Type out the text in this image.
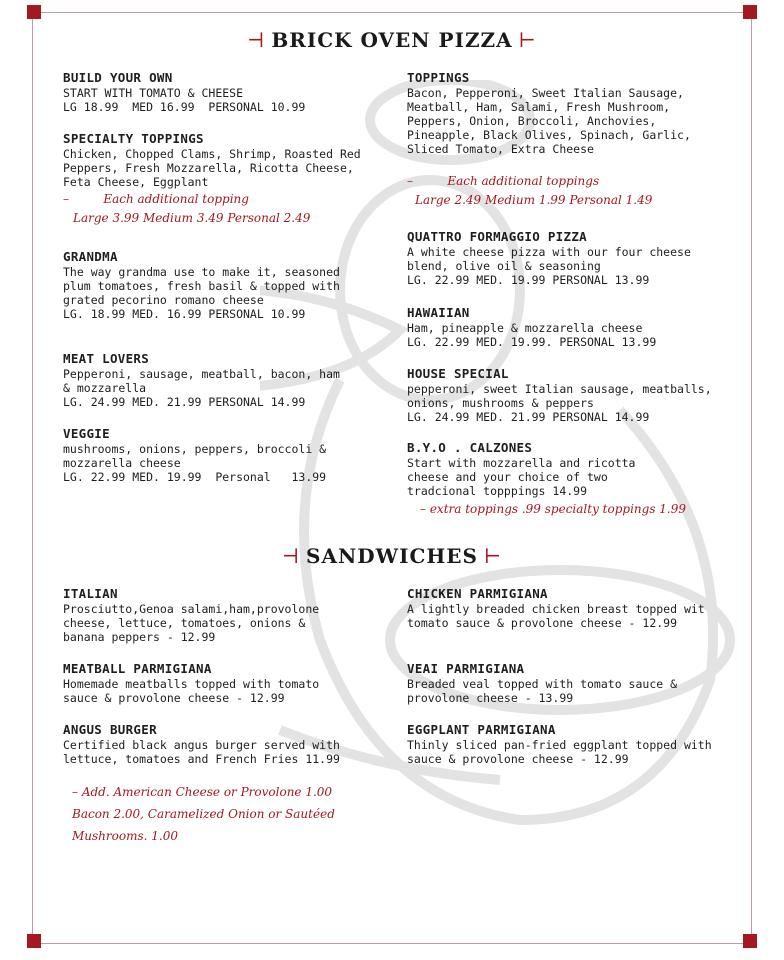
⊣ BRICK OVEN PIZZA ⊢
BUILD YOUR OWN
START WITH TOMATO & CHEESE
LG 18.99  MED 16.99  PERSONAL 10.99
SPECIALTY TOPPINGS
Chicken, Chopped Clams, Shrimp, Roasted Red Peppers, Fresh Mozzarella, Ricotta Cheese, Feta Cheese, Eggplant
–         Each additional topping
Large 3.99 Medium 3.49 Personal 2.49
GRANDMA
The way grandma use to make it, seasoned plum tomatoes, fresh basil & topped with grated pecorino romano cheese
LG. 18.99 MED. 16.99 PERSONAL 10.99
MEAT LOVERS
Pepperoni, sausage, meatball, bacon, ham & mozzarella
LG. 24.99 MED. 21.99 PERSONAL 14.99
VEGGIE
mushrooms, onions, peppers, broccoli & mozzarella cheese
LG. 22.99 MED. 19.99  Personal   13.99
TOPPINGS
Bacon, Pepperoni, Sweet Italian Sausage, Meatball, Ham, Salami, Fresh Mushroom, Peppers, Onion, Broccoli, Anchovies, Pineapple, Black Olives, Spinach, Garlic, Sliced Tomato, Extra Cheese
–         Each additional toppings
Large 2.49 Medium 1.99 Personal 1.49
QUATTRO FORMAGGIO PIZZA
A white cheese pizza with our four cheese blend, olive oil & seasoning
LG. 22.99 MED. 19.99 PERSONAL 13.99
HAWAIIAN
Ham, pineapple & mozzarella cheese
LG. 22.99 MED. 19.99. PERSONAL 13.99
HOUSE SPECIAL
pepperoni, sweet Italian sausage, meatballs, onions, mushrooms & peppers
LG. 24.99 MED. 21.99 PERSONAL 14.99
B.Y.O . CALZONES
Start with mozzarella and ricotta cheese and your choice of two tradcional topppings 14.99
– extra toppings .99 specialty toppings 1.99
⊣ SANDWICHES ⊢
ITALIAN
Prosciutto,Genoa salami,ham,provolone cheese, lettuce, tomatoes, onions & banana peppers - 12.99
MEATBALL PARMIGIANA
Homemade meatballs topped with tomato sauce & provolone cheese - 12.99
ANGUS BURGER
Certified black angus burger served with lettuce, tomatoes and French Fries 11.99
– Add. American Cheese or Provolone 1.00
Bacon 2.00, Caramelized Onion or Sautéed
Mushrooms. 1.00
CHICKEN PARMIGIANA
A lightly breaded chicken breast topped wit tomato sauce & provolone cheese - 12.99
VEAI PARMIGIANA
Breaded veal topped with tomato sauce & provolone cheese - 13.99
EGGPLANT PARMIGIANA
Thinly sliced pan-fried eggplant topped with sauce & provolone cheese - 12.99
